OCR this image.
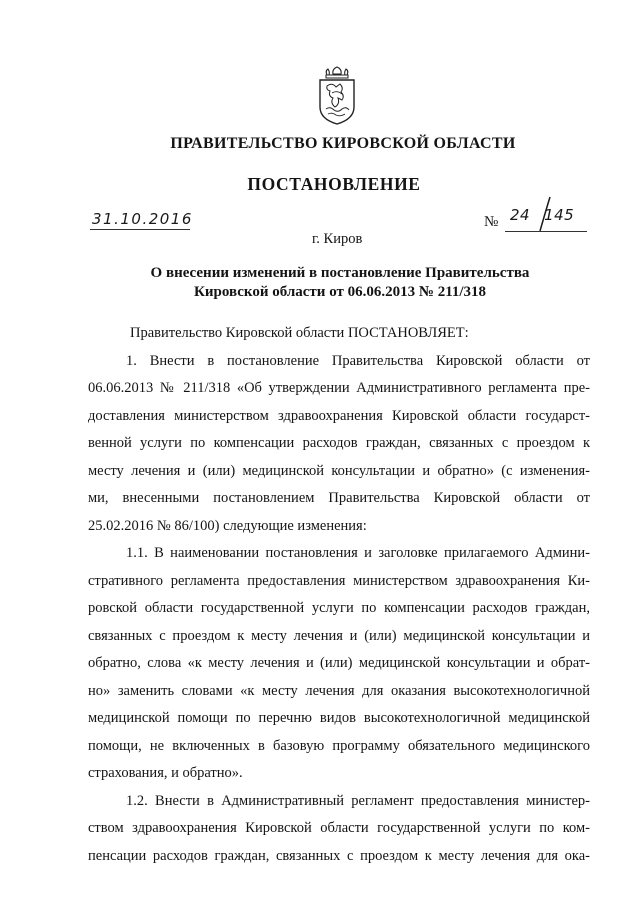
ПРАВИТЕЛЬСТВО КИРОВСКОЙ ОБЛАСТИ
ПОСТАНОВЛЕНИЕ
31.10.2016	№ 24 145
г. Киров
О внесении изменений в постановление Правительства
Кировской области от 06.06.2013 № 211/318
Правительство Кировской области ПОСТАНОВЛЯЕТ:
1. Внести в постановление Правительства Кировской области от
06.06.2013 № 211/318 «Об утверждении Административного регламента пре-
доставления министерством здравоохранения Кировской области государст-
венной услуги по компенсации расходов граждан, связанных с проездом к
месту лечения и (или) медицинской консультации и обратно» (с изменения-
ми, внесенными постановлением Правительства Кировской области от
25.02.2016 № 86/100) следующие изменения:
1.1. В наименовании постановления и заголовке прилагаемого Админи-
стративного регламента предоставления министерством здравоохранения Ки-
ровской области государственной услуги по компенсации расходов граждан,
связанных с проездом к месту лечения и (или) медицинской консультации и
обратно, слова «к месту лечения и (или) медицинской консультации и обрат-
но» заменить словами «к месту лечения для оказания высокотехнологичной
медицинской помощи по перечню видов высокотехнологичной медицинской
помощи, не включенных в базовую программу обязательного медицинского
страхования, и обратно».
1.2. Внести в Административный регламент предоставления министер-
ством здравоохранения Кировской области государственной услуги по ком-
пенсации расходов граждан, связанных с проездом к месту лечения для ока-
